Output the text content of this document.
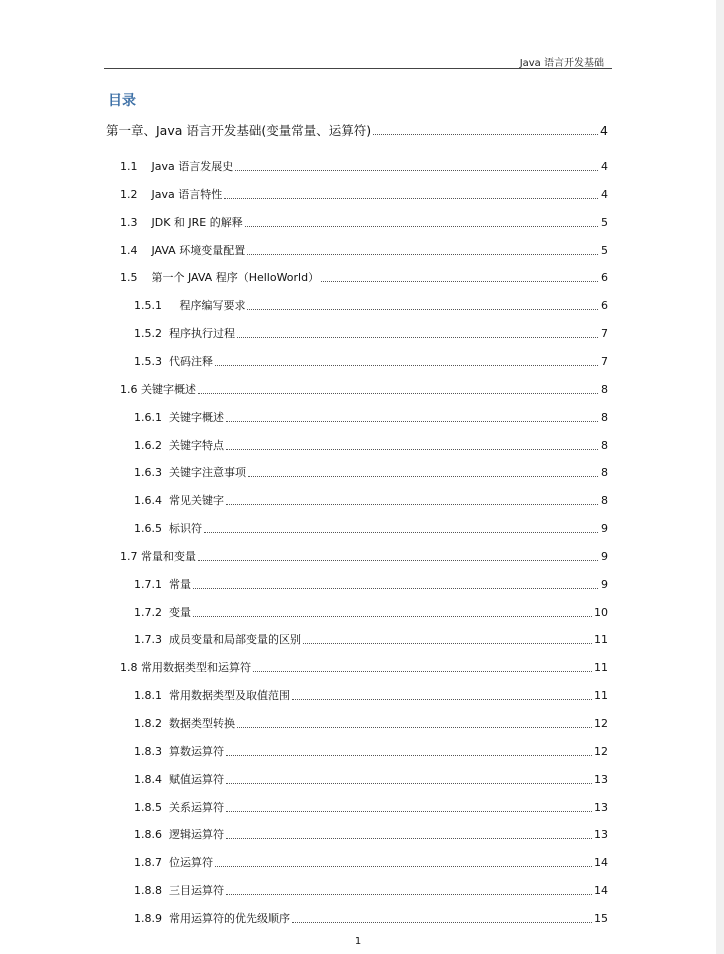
Java 语言开发基础
目录
第一章、Java 语言开发基础(变量常量、运算符)	4
1.1    Java 语言发展史	4
1.2    Java 语言特性	4
1.3    JDK 和 JRE 的解释	5
1.4    JAVA 环境变量配置	5
1.5    第一个 JAVA 程序（HelloWorld）	6
1.5.1     程序编写要求	6
1.5.2  程序执行过程	7
1.5.3  代码注释	7
1.6 关键字概述	8
1.6.1  关键字概述	8
1.6.2  关键字特点	8
1.6.3  关键字注意事项	8
1.6.4  常见关键字	8
1.6.5  标识符	9
1.7 常量和变量	9
1.7.1  常量	9
1.7.2  变量	10
1.7.3  成员变量和局部变量的区别	11
1.8 常用数据类型和运算符	11
1.8.1  常用数据类型及取值范围	11
1.8.2  数据类型转换	12
1.8.3  算数运算符	12
1.8.4  赋值运算符	13
1.8.5  关系运算符	13
1.8.6  逻辑运算符	13
1.8.7  位运算符	14
1.8.8  三目运算符	14
1.8.9  常用运算符的优先级顺序	15
1
